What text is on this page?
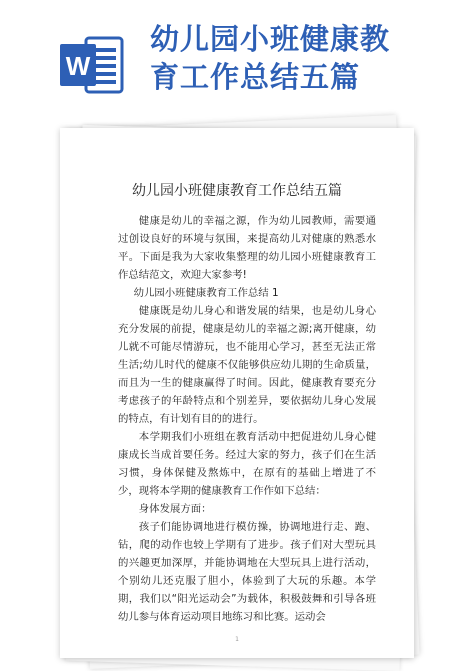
W
幼儿园小班健康教
育工作总结五篇
幼儿园小班健康教育工作总结五篇

健康是幼儿的幸福之源，作为幼儿园教师，需要通过创设良好的环境与氛围，来提高幼儿对健康的熟悉水平。下面是我为大家收集整理的幼儿园小班健康教育工作总结范文，欢迎大家参考!

幼儿园小班健康教育工作总结 1

健康既是幼儿身心和谐发展的结果，也是幼儿身心充分发展的前提，健康是幼儿的幸福之源;离开健康，幼儿就不可能尽情游玩，也不能用心学习，甚至无法正常生活;幼儿时代的健康不仅能够供应幼儿期的生命质量，而且为一生的健康赢得了时间。因此，健康教育要充分考虑孩子的年龄特点和个别差异，要依据幼儿身心发展的特点，有计划有目的的进行。

本学期我们小班组在教育活动中把促进幼儿身心健康成长当成首要任务。经过大家的努力，孩子们在生活习惯，身体保健及熬炼中，在原有的基础上增进了不少，现将本学期的健康教育工作作如下总结：

身体发展方面：

孩子们能协调地进行模仿操，协调地进行走、跑、钻，爬的动作也较上学期有了进步。孩子们对大型玩具的兴趣更加深厚，并能协调地在大型玩具上进行活动，个别幼儿还克服了胆小，体验到了大玩的乐趣。本学期，我们以“阳光运动会”为载体，积极鼓舞和引导各班幼儿参与体育运动项目地练习和比赛。运动会

1
